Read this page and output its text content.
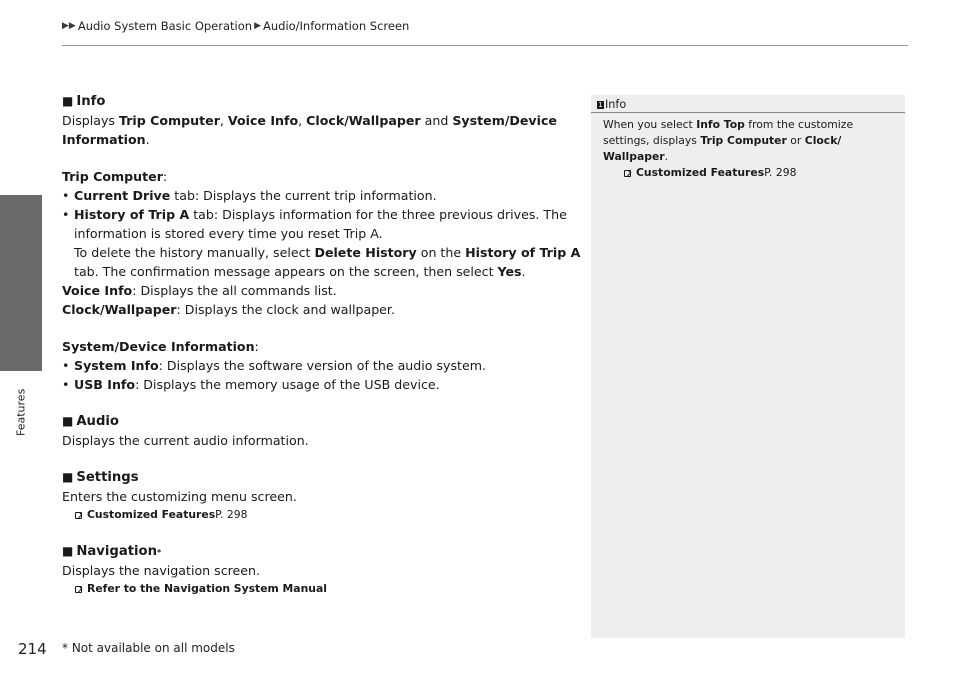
▶▶ Audio System Basic Operation ▶ Audio/Information Screen
Features
214 * Not available on all models
■ Info

Displays Trip Computer, Voice Info, Clock/Wallpaper and System/Device
Information.

Trip Computer:

• Current Drive tab: Displays the current trip information.
• History of Trip A tab: Displays information for the three previous drives. The
information is stored every time you reset Trip A.
To delete the history manually, select Delete History on the History of Trip A
tab. The confirmation message appears on the screen, then select Yes.

Voice Info: Displays the all commands list.

Clock/Wallpaper: Displays the clock and wallpaper.

System/Device Information:

• System Info: Displays the software version of the audio system.
• USB Info: Displays the memory usage of the USB device.
■ Audio

Displays the current audio information.

■ Settings

Enters the customizing menu screen.

Customized Features P. 298
■ Navigation *

Displays the navigation screen.

Refer to the Navigation System Manual
1 Info
When you select Info Top from the customize
settings, displays Trip Computer or Clock/
Wallpaper.
Customized Features P. 298
